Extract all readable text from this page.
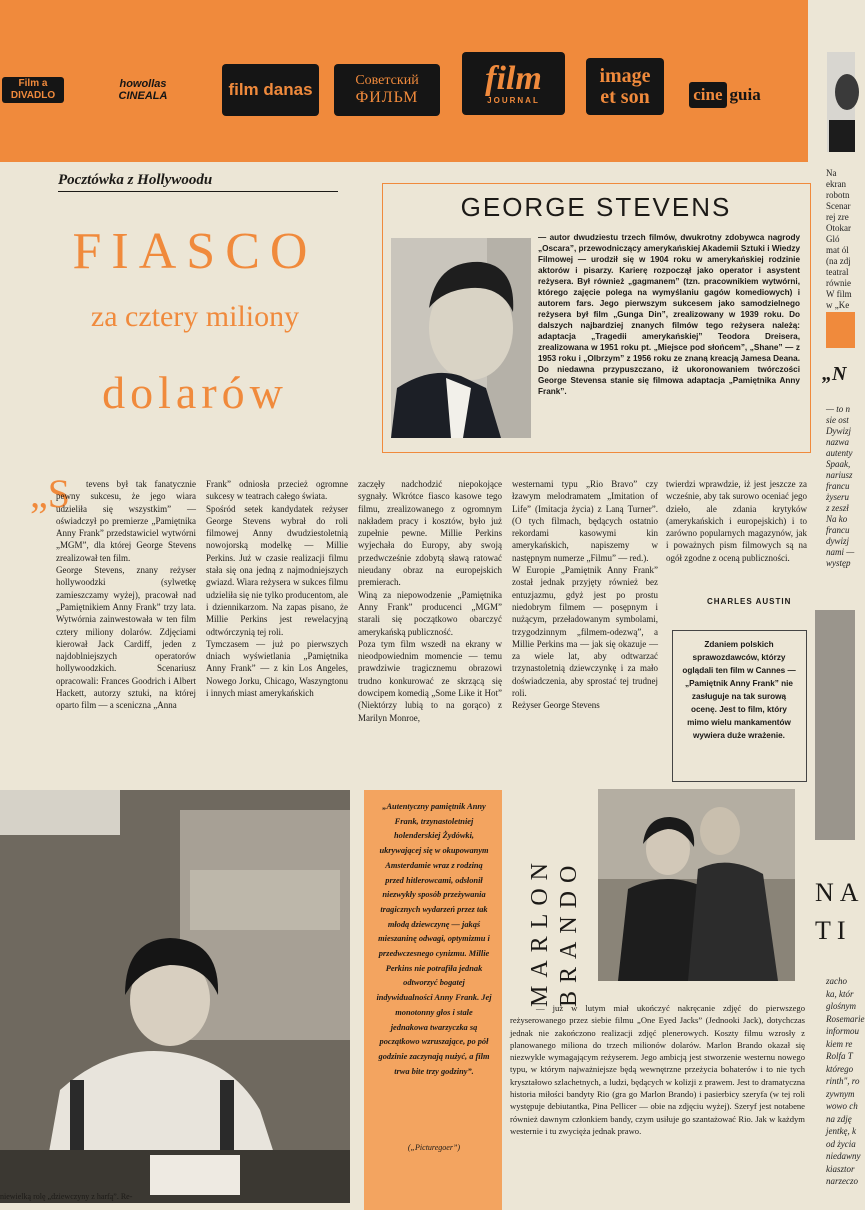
Film a DIVADLO
howollas CINEALA	film danas	Советский
ФИЛЬМ
film
JOURNAL
image
et son	cine guia
Na
ekran
robotn
Scenar
rej zre
Otokar
Gló
mat ól
(na zdj
teatral
równie
W film
w „Ke

„N
— to n
sie ost
Dywizj
nazwa
autenty
Spaak,
nariusz
francu
żyseru
z zeszł
Na ko
francu
dywizj
nami —
występ
NA
TI
zacho
ka, któr
glośnym
Rosemarie
informou
kiem re
Rolfa T
którego
rinth", ro
zywnym
wowo ch
na zdję
jentkę, k
od życia
niedawny
kiasztor
narzeczo
Pocztówka z Hollywoodu
FIASCO
za cztery miliony
dolarów
GEORGE STEVENS
— autor dwudziestu trzech filmów, dwukrotny zdobywca nagrody „Oscara”, przewodniczący amerykańskiej Akademii Sztuki i Wiedzy Filmowej — urodził się w 1904 roku w amerykańskiej rodzinie aktorów i pisarzy. Karierę rozpoczął jako operator i asystent reżysera. Był również „gagmanem” (tzn. pracownikiem wytwórni, którego zajęcie polega na wymyślaniu gagów komediowych) i autorem fars. Jego pierwszym sukcesem jako samodzielnego reżysera był film „Gunga Din”, zrealizowany w 1939 roku. Do dalszych najbardziej znanych filmów tego reżysera należą: adaptacja „Tragedii amerykańskiej” Teodora Dreisera, zrealizowana w 1951 roku pt. „Miejsce pod słońcem”, „Shane” — z 1953 roku i „Olbrzym” z 1956 roku ze znaną kreacją Jamesa Deana. Do niedawna przypuszczano, iż ukoronowaniem twórczości George Stevensa stanie się filmowa adaptacja „Pamiętnika Anny Frank”.
„S	tevens był tak fanatycznie pewny sukcesu, że jego wiara udzieliła się wszystkim” — oświadczył po premierze „Pamiętnika Anny Frank” przedstawiciel wytwórni „MGM”, dla której George Stevens zrealizował ten film.
George Stevens, znany reżyser hollywoodzki (sylwetkę zamieszczamy wyżej), pracował nad „Pamiętnikiem Anny Frank” trzy lata. Wytwórnia zainwestowała w ten film cztery miliony dolarów. Zdjęciami kierował Jack Cardiff, jeden z najdoblniejszych operatorów hollywoodzkich. Scenariusz opracowali: Frances Goodrich i Albert Hackett, autorzy sztuki, na której oparto film — a sceniczna „Anna
Frank” odniosła przecież ogromne sukcesy w teatrach całego świata.
Spośród setek kandydatek reżyser George Stevens wybrał do roli filmowej Anny dwudziestoletnią nowojorską modelkę — Millie Perkins. Już w czasie realizacji filmu stała się ona jedną z najmodniejszych gwiazd. Wiara reżysera w sukces filmu udzieliła się nie tylko producentom, ale i dziennikarzom. Na zapas pisano, że Millie Perkins jest rewelacyjną odtwórczynią tej roli.
Tymczasem — już po pierwszych dniach wyświetlania „Pamiętnika Anny Frank” — z kin Los Angeles, Nowego Jorku, Chicago, Waszyngtonu i innych miast amerykańskich
zaczęły nadchodzić niepokojące sygnały. Wkrótce fiasco kasowe tego filmu, zrealizowanego z ogromnym nakładem pracy i kosztów, było już zupełnie pewne. Millie Perkins wyjechała do Europy, aby swoją przedwcześnie zdobytą sławą ratować nieudany obraz na europejskich premierach.
Winą za niepowodzenie „Pamiętnika Anny Frank” producenci „MGM” starali się początkowo obarczyć amerykańską publiczność.
Poza tym film wszedł na ekrany w nieodpowiednim momencie — temu prawdziwie tragicznemu obrazowi trudno konkurować ze skrzącą się dowcipem komedią „Some Like it Hot” (Niektórzy lubią to na gorąco) z Marilyn Monroe,
westernami typu „Rio Bravo” czy łzawym melodramatem „Imitation of Life” (Imitacja życia) z Laną Turner”. (O tych filmach, będących ostatnio rekordami kasowymi kin amerykańskich, napiszemy w następnym numerze „Filmu” — red.).
W Europie „Pamiętnik Anny Frank” został jednak przyjęty również bez entuzjazmu, gdyż jest po prostu niedobrym filmem — posępnym i nużącym, przeładowanym symbolami, trzygodzinnym „filmem-odezwą”, a Millie Perkins ma — jak się okazuje — za wiele lat, aby odtwarzać trzynastoletnią dziewczynkę i za mało doświadczenia, aby sprostać tej trudnej roli.
Reżyser George Stevens
twierdzi wprawdzie, iż jest jeszcze za wcześnie, aby tak surowo oceniać jego dzieło, ale zdania krytyków (amerykańskich i europejskich) i to zarówno popularnych magazynów, jak i poważnych pism filmowych są na ogół zgodne z oceną publiczności.
CHARLES AUSTIN
Zdaniem polskich sprawozdawców, którzy oglądali ten film w Cannes — „Pamiętnik Anny Frank” nie zasługuje na tak surową ocenę. Jest to film, który mimo wielu mankamentów wywiera duże wrażenie.
„Autentyczny pamiętnik Anny Frank, trzynastoletniej holenderskiej Żydówki, ukrywającej się w okupowanym Amsterdamie wraz z rodziną przed hitlerowcami, odsłonił niezwykły sposób przeżywania tragicznych wydarzeń przez tak młodą dziewczynę — jakąś mieszaninę odwagi, optymizmu i przedwczesnego cynizmu. Millie Perkins nie potrafiła jednak odtworzyć bogatej indywidualności Anny Frank. Jej monotonny głos i stale jednakowa twarzyczka są początkowo wzruszające, po pół godzinie zaczynają nużyć, a film trwa bite trzy godziny”.
(„Picturegoer”)
MARLON BRANDO
— już w lutym miał ukończyć nakręcanie zdjęć do pierwszego reżyserowanego przez siebie filmu „One Eyed Jacks” (Jednooki Jack), dotychczas jednak nie zakończono realizacji zdjęć plenerowych. Koszty filmu wzrosły z planowanego miliona do trzech milionów dolarów. Marlon Brando okazał się niezwykle wymagającym reżyserem. Jego ambicją jest stworzenie westernu nowego typu, w którym najważniejsze będą wewnętrzne przeżycia bohaterów i to nie tych kryształowo szlachetnych, a ludzi, będących w kolizji z prawem. Jest to dramatyczna historia miłości bandyty Rio (gra go Marlon Brando) i pasierbicy szeryfa (w tej roli występuje debiutantka, Pina Pellicer — obie na zdjęciu wyżej). Szeryf jest notabene również dawnym członkiem bandy, czym usiłuje go szantażować Rio. Jak w każdym westernie i tu zwycięża jednak prawo.
niewielką rolę „dziewczyny z harfą”. Re-
